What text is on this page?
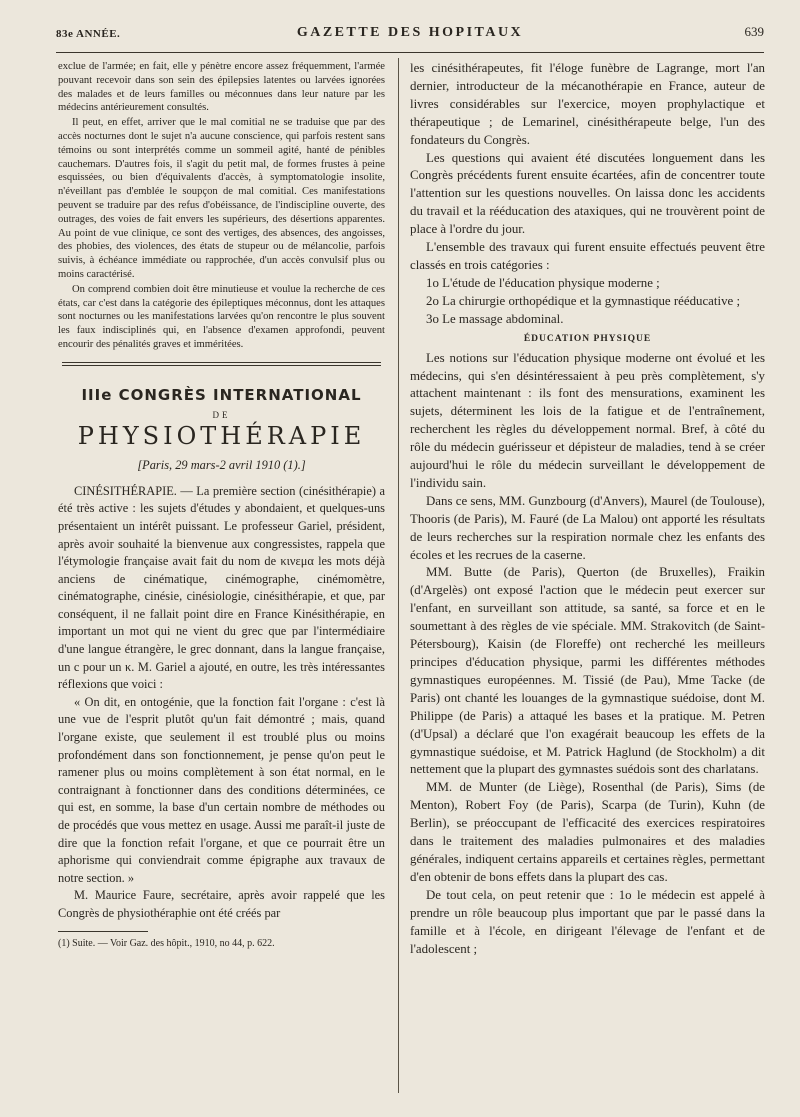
83e ANNÉE.	GAZETTE DES HOPITAUX	639

exclue de l'armée; en fait, elle y pénètre encore assez fréquemment, l'armée pouvant recevoir dans son sein des épilepsies latentes ou larvées ignorées des malades et de leurs familles ou méconnues dans leur nature par les médecins antérieurement consultés.

Il peut, en effet, arriver que le mal comitial ne se traduise que par des accès nocturnes dont le sujet n'a aucune conscience, qui parfois restent sans témoins ou sont interprétés comme un sommeil agité, hanté de pénibles cauchemars. D'autres fois, il s'agit du petit mal, de formes frustes à peine esquissées, ou bien d'équivalents d'accès, à symptomatologie insolite, n'éveillant pas d'emblée le soupçon de mal comitial. Ces manifestations peuvent se traduire par des refus d'obéissance, de l'indiscipline ouverte, des outrages, des voies de fait envers les supérieurs, des désertions apparentes. Au point de vue clinique, ce sont des vertiges, des absences, des angoisses, des phobies, des violences, des états de stupeur ou de mélancolie, parfois suivis, à échéance immédiate ou rapprochée, d'un accès convulsif plus ou moins caractérisé.

On comprend combien doit être minutieuse et voulue la recherche de ces états, car c'est dans la catégorie des épileptiques méconnus, dont les attaques sont nocturnes ou les manifestations larvées qu'on rencontre le plus souvent les faux indisciplinés qui, en l'absence d'examen approfondi, peuvent encourir des pénalités graves et imméritées.

IIIe CONGRÈS INTERNATIONAL
DE
PHYSIOTHÉRAPIE
[Paris, 29 mars-2 avril 1910 (1).]

CINÉSITHÉRAPIE. — La première section (cinésithérapie) a été très active : les sujets d'études y abondaient, et quelques-uns présentaient un intérêt puissant. Le professeur Gariel, président, après avoir souhaité la bienvenue aux congressistes, rappela que l'étymologie française avait fait du nom de κινεμα les mots déjà anciens de cinématique, cinémographe, cinémomètre, cinématographe, cinésie, cinésiologie, cinésithérapie, et que, par conséquent, il ne fallait point dire en France Kinésithérapie, en important un mot qui ne vient du grec que par l'intermédiaire d'une langue étrangère, le grec donnant, dans la langue française, un c pour un κ. M. Gariel a ajouté, en outre, les très intéressantes réflexions que voici :

« On dit, en ontogénie, que la fonction fait l'organe : c'est là une vue de l'esprit plutôt qu'un fait démontré ; mais, quand l'organe existe, que seulement il est troublé plus ou moins profondément dans son fonctionnement, je pense qu'on peut le ramener plus ou moins complètement à son état normal, en le contraignant à fonctionner dans des conditions déterminées, ce qui est, en somme, la base d'un certain nombre de méthodes ou de procédés que vous mettez en usage. Aussi me paraît-il juste de dire que la fonction refait l'organe, et que ce pourrait être un aphorisme qui conviendrait comme épigraphe aux travaux de notre section. »

M. Maurice Faure, secrétaire, après avoir rappelé que les Congrès de physiothéraphie ont été créés par

(1) Suite. — Voir Gaz. des hôpit., 1910, no 44, p. 622.

les cinésithérapeutes, fit l'éloge funèbre de Lagrange, mort l'an dernier, introducteur de la mécanothérapie en France, auteur de livres considérables sur l'exercice, moyen prophylactique et thérapeutique ; de Lemarinel, cinésithérapeute belge, l'un des fondateurs du Congrès.

Les questions qui avaient été discutées longuement dans les Congrès précédents furent ensuite écartées, afin de concentrer toute l'attention sur les questions nouvelles. On laissa donc les accidents du travail et la rééducation des ataxiques, qui ne trouvèrent point de place à l'ordre du jour.

L'ensemble des travaux qui furent ensuite effectués peuvent être classés en trois catégories :

1o L'étude de l'éducation physique moderne ;

2o La chirurgie orthopédique et la gymnastique rééducative ;

3o Le massage abdominal.

ÉDUCATION PHYSIQUE

Les notions sur l'éducation physique moderne ont évolué et les médecins, qui s'en désintéressaient à peu près complètement, s'y attachent maintenant : ils font des mensurations, examinent les sujets, déterminent les lois de la fatigue et de l'entraînement, recherchent les règles du développement normal. Bref, à côté du rôle du médecin guérisseur et dépisteur de maladies, tend à se créer aujourd'hui le rôle du médecin surveillant le développement de l'individu sain.

Dans ce sens, MM. Gunzbourg (d'Anvers), Maurel (de Toulouse), Thooris (de Paris), M. Fauré (de La Malou) ont apporté les résultats de leurs recherches sur la respiration normale chez les enfants des écoles et les recrues de la caserne.

MM. Butte (de Paris), Querton (de Bruxelles), Fraikin (d'Argelès) ont exposé l'action que le médecin peut exercer sur l'enfant, en surveillant son attitude, sa santé, sa force et en le soumettant à des règles de vie spéciale. MM. Strakovitch (de Saint-Pétersbourg), Kaisin (de Floreffe) ont recherché les meilleurs principes d'éducation physique, parmi les différentes méthodes gymnastiques européennes. M. Tissié (de Pau), Mme Tacke (de Paris) ont chanté les louanges de la gymnastique suédoise, dont M. Philippe (de Paris) a attaqué les bases et la pratique. M. Petren (d'Upsal) a déclaré que l'on exagérait beaucoup les effets de la gymnastique suédoise, et M. Patrick Haglund (de Stockholm) a dit nettement que la plupart des gymnastes suédois sont des charlatans.

MM. de Munter (de Liège), Rosenthal (de Paris), Sims (de Menton), Robert Foy (de Paris), Scarpa (de Turin), Kuhn (de Berlin), se préoccupant de l'efficacité des exercices respiratoires dans le traitement des maladies pulmonaires et des maladies générales, indiquent certains appareils et certaines règles, permettant d'en obtenir de bons effets dans la plupart des cas.

De tout cela, on peut retenir que : 1o le médecin est appelé à prendre un rôle beaucoup plus important que par le passé dans la famille et à l'école, en dirigeant l'élevage de l'enfant et de l'adolescent ;
